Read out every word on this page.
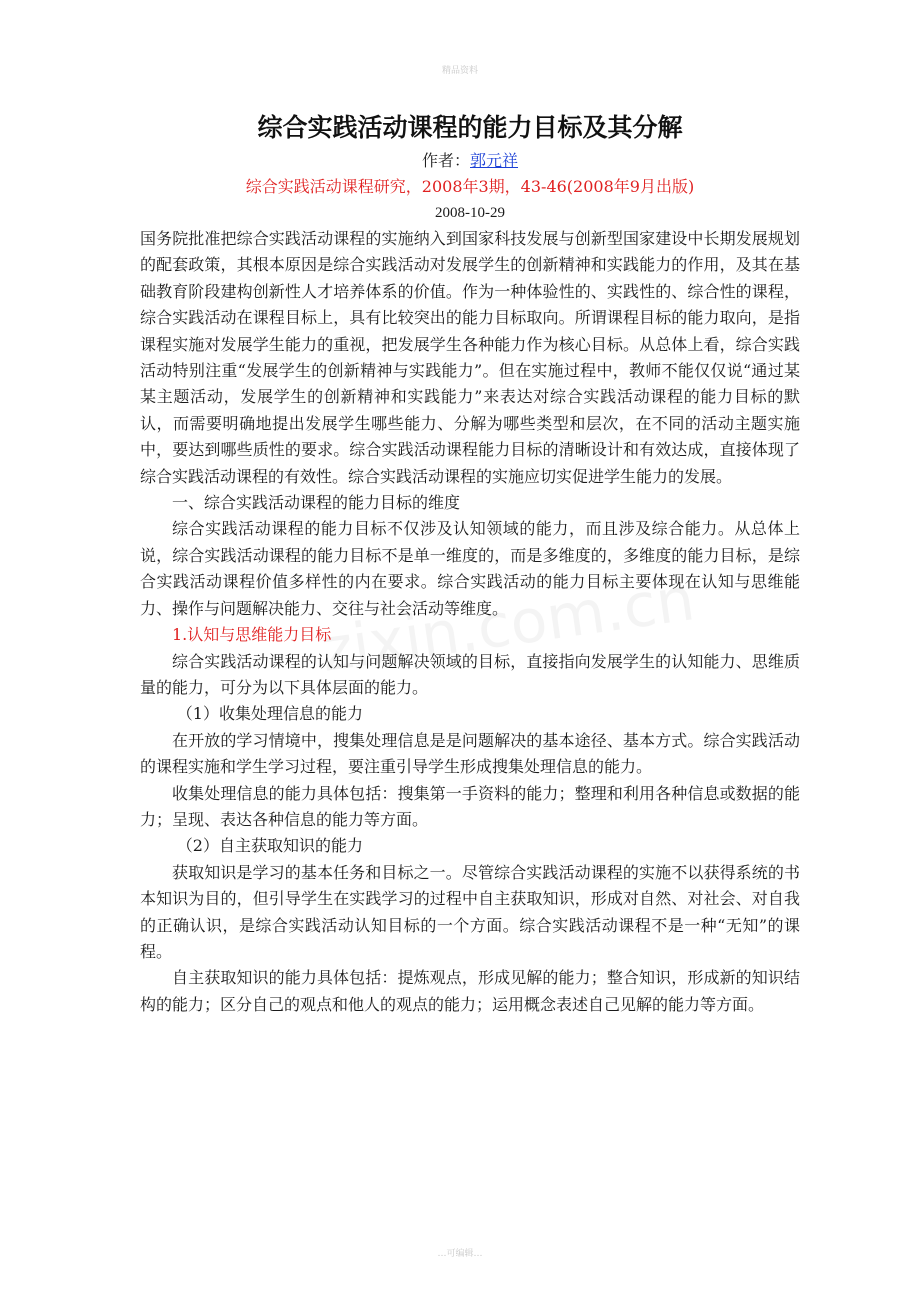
精品资料
综合实践活动课程的能力目标及其分解
作者：郭元祥
综合实践活动课程研究，2008年3期，43-46(2008年9月出版)
2008-10-29

国务院批准把综合实践活动课程的实施纳入到国家科技发展与创新型国家建设中长期发展规划的配套政策，其根本原因是综合实践活动对发展学生的创新精神和实践能力的作用，及其在基础教育阶段建构创新性人才培养体系的价值。作为一种体验性的、实践性的、综合性的课程，综合实践活动在课程目标上，具有比较突出的能力目标取向。所谓课程目标的能力取向，是指课程实施对发展学生能力的重视，把发展学生各种能力作为核心目标。从总体上看，综合实践活动特别注重“发展学生的创新精神与实践能力”。但在实施过程中，教师不能仅仅说“通过某某主题活动，发展学生的创新精神和实践能力”来表达对综合实践活动课程的能力目标的默认，而需要明确地提出发展学生哪些能力、分解为哪些类型和层次，在不同的活动主题实施中，要达到哪些质性的要求。综合实践活动课程能力目标的清晰设计和有效达成，直接体现了综合实践活动课程的有效性。综合实践活动课程的实施应切实促进学生能力的发展。

一、综合实践活动课程的能力目标的维度

综合实践活动课程的能力目标不仅涉及认知领域的能力，而且涉及综合能力。从总体上说，综合实践活动课程的能力目标不是单一维度的，而是多维度的，多维度的能力目标，是综合实践活动课程价值多样性的内在要求。综合实践活动的能力目标主要体现在认知与思维能力、操作与问题解决能力、交往与社会活动等维度。

1.认知与思维能力目标

综合实践活动课程的认知与问题解决领域的目标，直接指向发展学生的认知能力、思维质量的能力，可分为以下具体层面的能力。

（1）收集处理信息的能力

在开放的学习情境中，搜集处理信息是是问题解决的基本途径、基本方式。综合实践活动的课程实施和学生学习过程，要注重引导学生形成搜集处理信息的能力。

收集处理信息的能力具体包括：搜集第一手资料的能力；整理和利用各种信息或数据的能力；呈现、表达各种信息的能力等方面。

（2）自主获取知识的能力

获取知识是学习的基本任务和目标之一。尽管综合实践活动课程的实施不以获得系统的书本知识为目的，但引导学生在实践学习的过程中自主获取知识，形成对自然、对社会、对自我的正确认识，是综合实践活动认知目标的一个方面。综合实践活动课程不是一种“无知”的课程。

自主获取知识的能力具体包括：提炼观点，形成见解的能力；整合知识，形成新的知识结构的能力；区分自己的观点和他人的观点的能力；运用概念表述自己见解的能力等方面。

…可编辑…
